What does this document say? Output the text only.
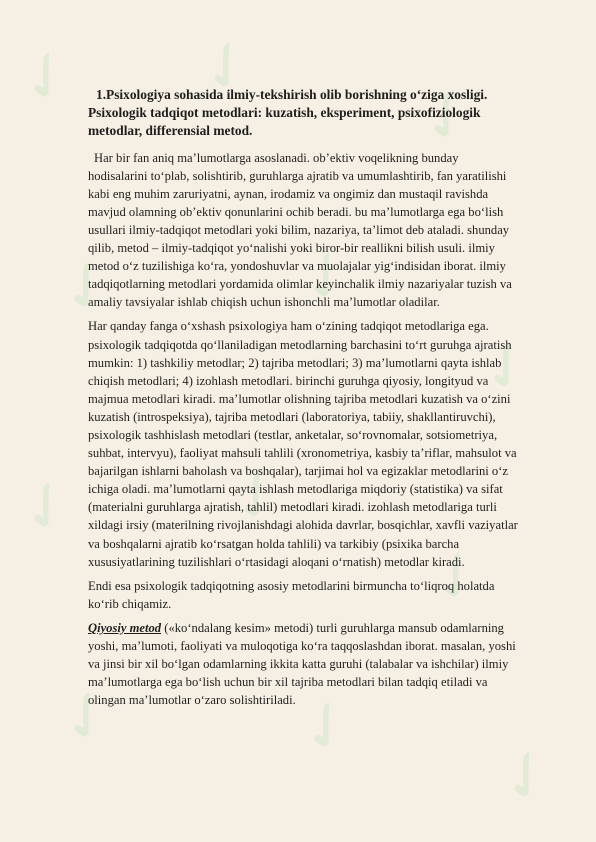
✓ ✓
✓
✓ ✓
✓
✓ ✓
✓
✓ ✓
✓
1.Psixologiya sohasida ilmiy-tekshirish olib borishning o‘ziga xosligi. Psixologik tadqiqot metodlari: kuzatish, eksperiment, psixofiziologik metodlar, differensial metod.

Har bir fan aniq ma’lumotlarga asoslanadi. ob’ektiv voqelikning bunday hodisalarini to‘plab, solishtirib, guruhlarga ajratib va umumlashtirib, fan yaratilishi kabi eng muhim zaruriyatni, aynan, irodamiz va ongimiz dan mustaqil ravishda mavjud olamning ob’ektiv qonunlarini ochib beradi. bu ma’lumotlarga ega bo‘lish usullari ilmiy-tadqiqot metodlari yoki bilim, nazariya, ta’limot deb ataladi. shunday qilib, metod – ilmiy-tadqiqot yo‘nalishi yoki biror-bir reallikni bilish usuli. ilmiy metod o‘z tuzilishiga ko‘ra, yondoshuvlar va muolajalar yig‘indisidan iborat. ilmiy tadqiqotlarning metodlari yordamida olimlar keyinchalik ilmiy nazariyalar tuzish va amaliy tavsiyalar ishlab chiqish uchun ishonchli ma’lumotlar oladilar.

Har qanday fanga o‘xshash psixologiya ham o‘zining tadqiqot metodlariga ega. psixologik tadqiqotda qo‘llaniladigan metodlarning barchasini to‘rt guruhga ajratish mumkin: 1) tashkiliy metodlar; 2) tajriba metodlari; 3) ma’lumotlarni qayta ishlab chiqish metodlari; 4) izohlash metodlari. birinchi guruhga qiyosiy, longityud va majmua metodlari kiradi. ma’lumotlar olishning tajriba metodlari kuzatish va o‘zini kuzatish (introspeksiya), tajriba metodlari (laboratoriya, tabiiy, shakllantiruvchi), psixologik tashhislash metodlari (testlar, anketalar, so‘rovnomalar, sotsiometriya, suhbat, intervyu), faoliyat mahsuli tahlili (xronometriya, kasbiy ta’riflar, mahsulot va bajarilgan ishlarni baholash va boshqalar), tarjimai hol va egizaklar metodlarini o‘z ichiga oladi. ma’lumotlarni qayta ishlash metodlariga miqdoriy (statistika) va sifat (materialni guruhlarga ajratish, tahlil) metodlari kiradi. izohlash metodlariga turli xildagi irsiy (materilning rivojlanishdagi alohida davrlar, bosqichlar, xavfli vaziyatlar va boshqalarni ajratib ko‘rsatgan holda tahlili) va tarkibiy (psixika barcha xususiyatlarining tuzilishlari o‘rtasidagi aloqani o‘rnatish) metodlar kiradi.

Endi esa psixologik tadqiqotning asosiy metodlarini birmuncha to‘liqroq holatda ko‘rib chiqamiz.

Qiyosiy metod («ko‘ndalang kesim» metodi) turli guruhlarga mansub odamlarning yoshi, ma’lumoti, faoliyati va muloqotiga ko‘ra taqqoslashdan iborat. masalan, yoshi va jinsi bir xil bo‘lgan odamlarning ikkita katta guruhi (talabalar va ishchilar) ilmiy ma’lumotlarga ega bo‘lish uchun bir xil tajriba metodlari bilan tadqiq etiladi va olingan ma’lumotlar o‘zaro solishtiriladi.
